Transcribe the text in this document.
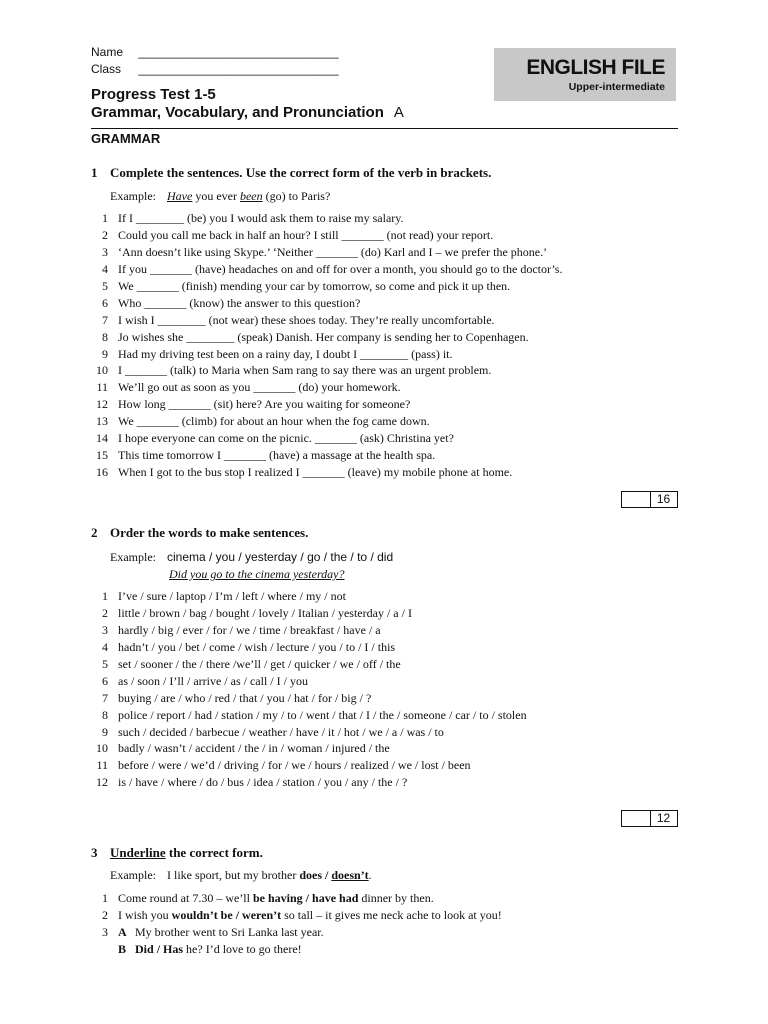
Name ______________________________
Class ______________________________	ENGLISH FILE
Upper-intermediate
Progress Test 1-5
Grammar, Vocabulary, and Pronunciation A
GRAMMAR
1 Complete the sentences. Use the correct form of the verb in brackets.
Example: Have you ever been (go) to Paris?
1 If I ________ (be) you I would ask them to raise my salary.
2 Could you call me back in half an hour? I still _______ (not read) your report.
3 ‘Ann doesn’t like using Skype.’ ‘Neither _______ (do) Karl and I – we prefer the phone.’
4 If you _______ (have) headaches on and off for over a month, you should go to the doctor’s.
5 We _______ (finish) mending your car by tomorrow, so come and pick it up then.
6 Who _______ (know) the answer to this question?
7 I wish I ________ (not wear) these shoes today. They’re really uncomfortable.
8 Jo wishes she ________ (speak) Danish. Her company is sending her to Copenhagen.
9 Had my driving test been on a rainy day, I doubt I ________ (pass) it.
10 I _______ (talk) to Maria when Sam rang to say there was an urgent problem.
11 We’ll go out as soon as you _______ (do) your homework.
12 How long _______ (sit) here? Are you waiting for someone?
13 We _______ (climb) for about an hour when the fog came down.
14 I hope everyone can come on the picnic. _______ (ask) Christina yet?
15 This time tomorrow I _______ (have) a massage at the health spa.
16 When I got to the bus stop I realized I _______ (leave) my mobile phone at home.
16
2 Order the words to make sentences.
Example: cinema / you / yesterday / go / the / to / did
Did you go to the cinema yesterday?
1 I’ve / sure / laptop / I’m / left / where / my / not
2 little / brown / bag / bought / lovely / Italian / yesterday / a / I
3 hardly / big / ever / for / we / time / breakfast / have / a
4 hadn’t / you / bet / come / wish / lecture / you / to / I / this
5 set / sooner / the / there /we’ll / get / quicker / we / off / the
6 as / soon / I’ll / arrive / as / call / I / you
7 buying / are / who / red / that / you / hat / for / big / ?
8 police / report / had / station / my / to / went / that / I / the / someone / car / to / stolen
9 such / decided / barbecue / weather / have / it / hot / we / a / was / to
10 badly / wasn’t / accident / the / in / woman / injured / the
11 before / were / we’d / driving / for / we / hours / realized / we / lost / been
12 is / have / where / do / bus / idea / station / you / any / the / ?
12
3 Underline the correct form.
Example: I like sport, but my brother does / doesn’t.
1 Come round at 7.30 – we’ll be having / have had dinner by then.
2 I wish you wouldn’t be / weren’t so tall – it gives me neck ache to look at you!
3 A My brother went to Sri Lanka last year.
B Did / Has he? I’d love to go there!
